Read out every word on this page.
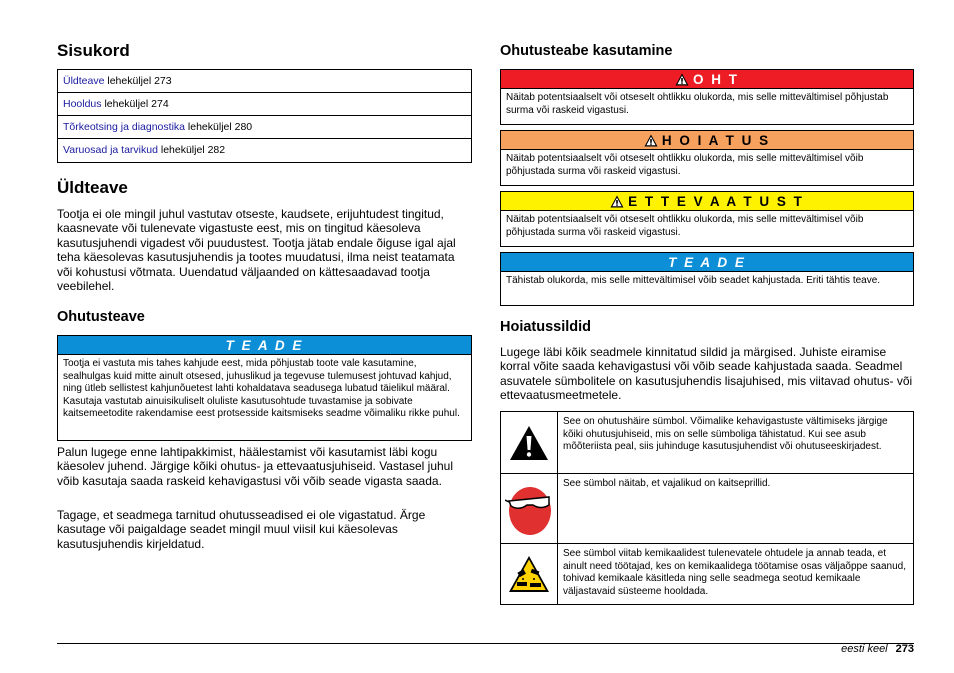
Sisukord
Üldteave leheküljel 273
Hooldus leheküljel 274
Tõrkeotsing ja diagnostika leheküljel 280
Varuosad ja tarvikud leheküljel 282
Üldteave

Tootja ei ole mingil juhul vastutav otseste, kaudsete, erijuhtudest tingitud, kaasnevate või tulenevate vigastuste eest, mis on tingitud käesoleva kasutusjuhendi vigadest või puudustest. Tootja jätab endale õiguse igal ajal teha käesolevas kasutusjuhendis ja tootes muudatusi, ilma neist teatamata või kohustusi võtmata. Uuendatud väljaanded on kättesaadavad tootja veebilehel.

Ohutusteave
T E A D E
Tootja ei vastuta mis tahes kahjude eest, mida põhjustab toote vale kasutamine, sealhulgas kuid mitte ainult otsesed, juhuslikud ja tegevuse tulemusest johtuvad kahjud, ning ütleb sellistest kahjunõuetest lahti kohaldatava seadusega lubatud täielikul määral. Kasutaja vastutab ainuisikuliselt oluliste kasutusohtude tuvastamise ja sobivate kaitsemeetodite rakendamise eest protsesside kaitsmiseks seadme võimaliku rikke puhul.

Palun lugege enne lahtipakkimist, häälestamist või kasutamist läbi kogu käesolev juhend. Järgige kõiki ohutus- ja ettevaatusjuhiseid. Vastasel juhul võib kasutaja saada raskeid kehavigastusi või võib seade vigasta saada.

Tagage, et seadmega tarnitud ohutusseadised ei ole vigastatud. Ärge kasutage või paigaldage seadet mingil muul viisil kui käesolevas kasutusjuhendis kirjeldatud.

Ohutusteabe kasutamine
O H T
Näitab potentsiaalselt või otseselt ohtlikku olukorda, mis selle mittevältimisel põhjustab surma või raskeid vigastusi.
H O I A T U S
Näitab potentsiaalselt või otseselt ohtlikku olukorda, mis selle mittevältimisel võib põhjustada surma või raskeid vigastusi.
E T T E V A A T U S T
Näitab potentsiaalselt või otseselt ohtlikku olukorda, mis selle mittevältimisel võib põhjustada surma või raskeid vigastusi.
T E A D E
Tähistab olukorda, mis selle mittevältimisel võib seadet kahjustada. Eriti tähtis teave.
Hoiatussildid

Lugege läbi kõik seadmele kinnitatud sildid ja märgised. Juhiste eiramise korral võite saada kehavigastusi või võib seade kahjustada saada. Seadmel asuvatele sümbolitele on kasutusjuhendis lisajuhised, mis viitavad ohutus- või ettevaatusmeetmetele.

See on ohutushäire sümbol. Võimalike kehavigastuste vältimiseks järgige kõiki ohutusjuhiseid, mis on selle sümboliga tähistatud. Kui see asub mõõteriista peal, siis juhinduge kasutusjuhendist või ohutuseeskirjadest.
See sümbol näitab, et vajalikud on kaitseprillid.
See sümbol viitab kemikaalidest tulenevatele ohtudele ja annab teada, et ainult need töötajad, kes on kemikaalidega töötamise osas väljaõppe saanud, tohivad kemikaale käsitleda ning selle seadmega seotud kemikaale väljastavaid süsteeme hooldada.
eesti keel 273
